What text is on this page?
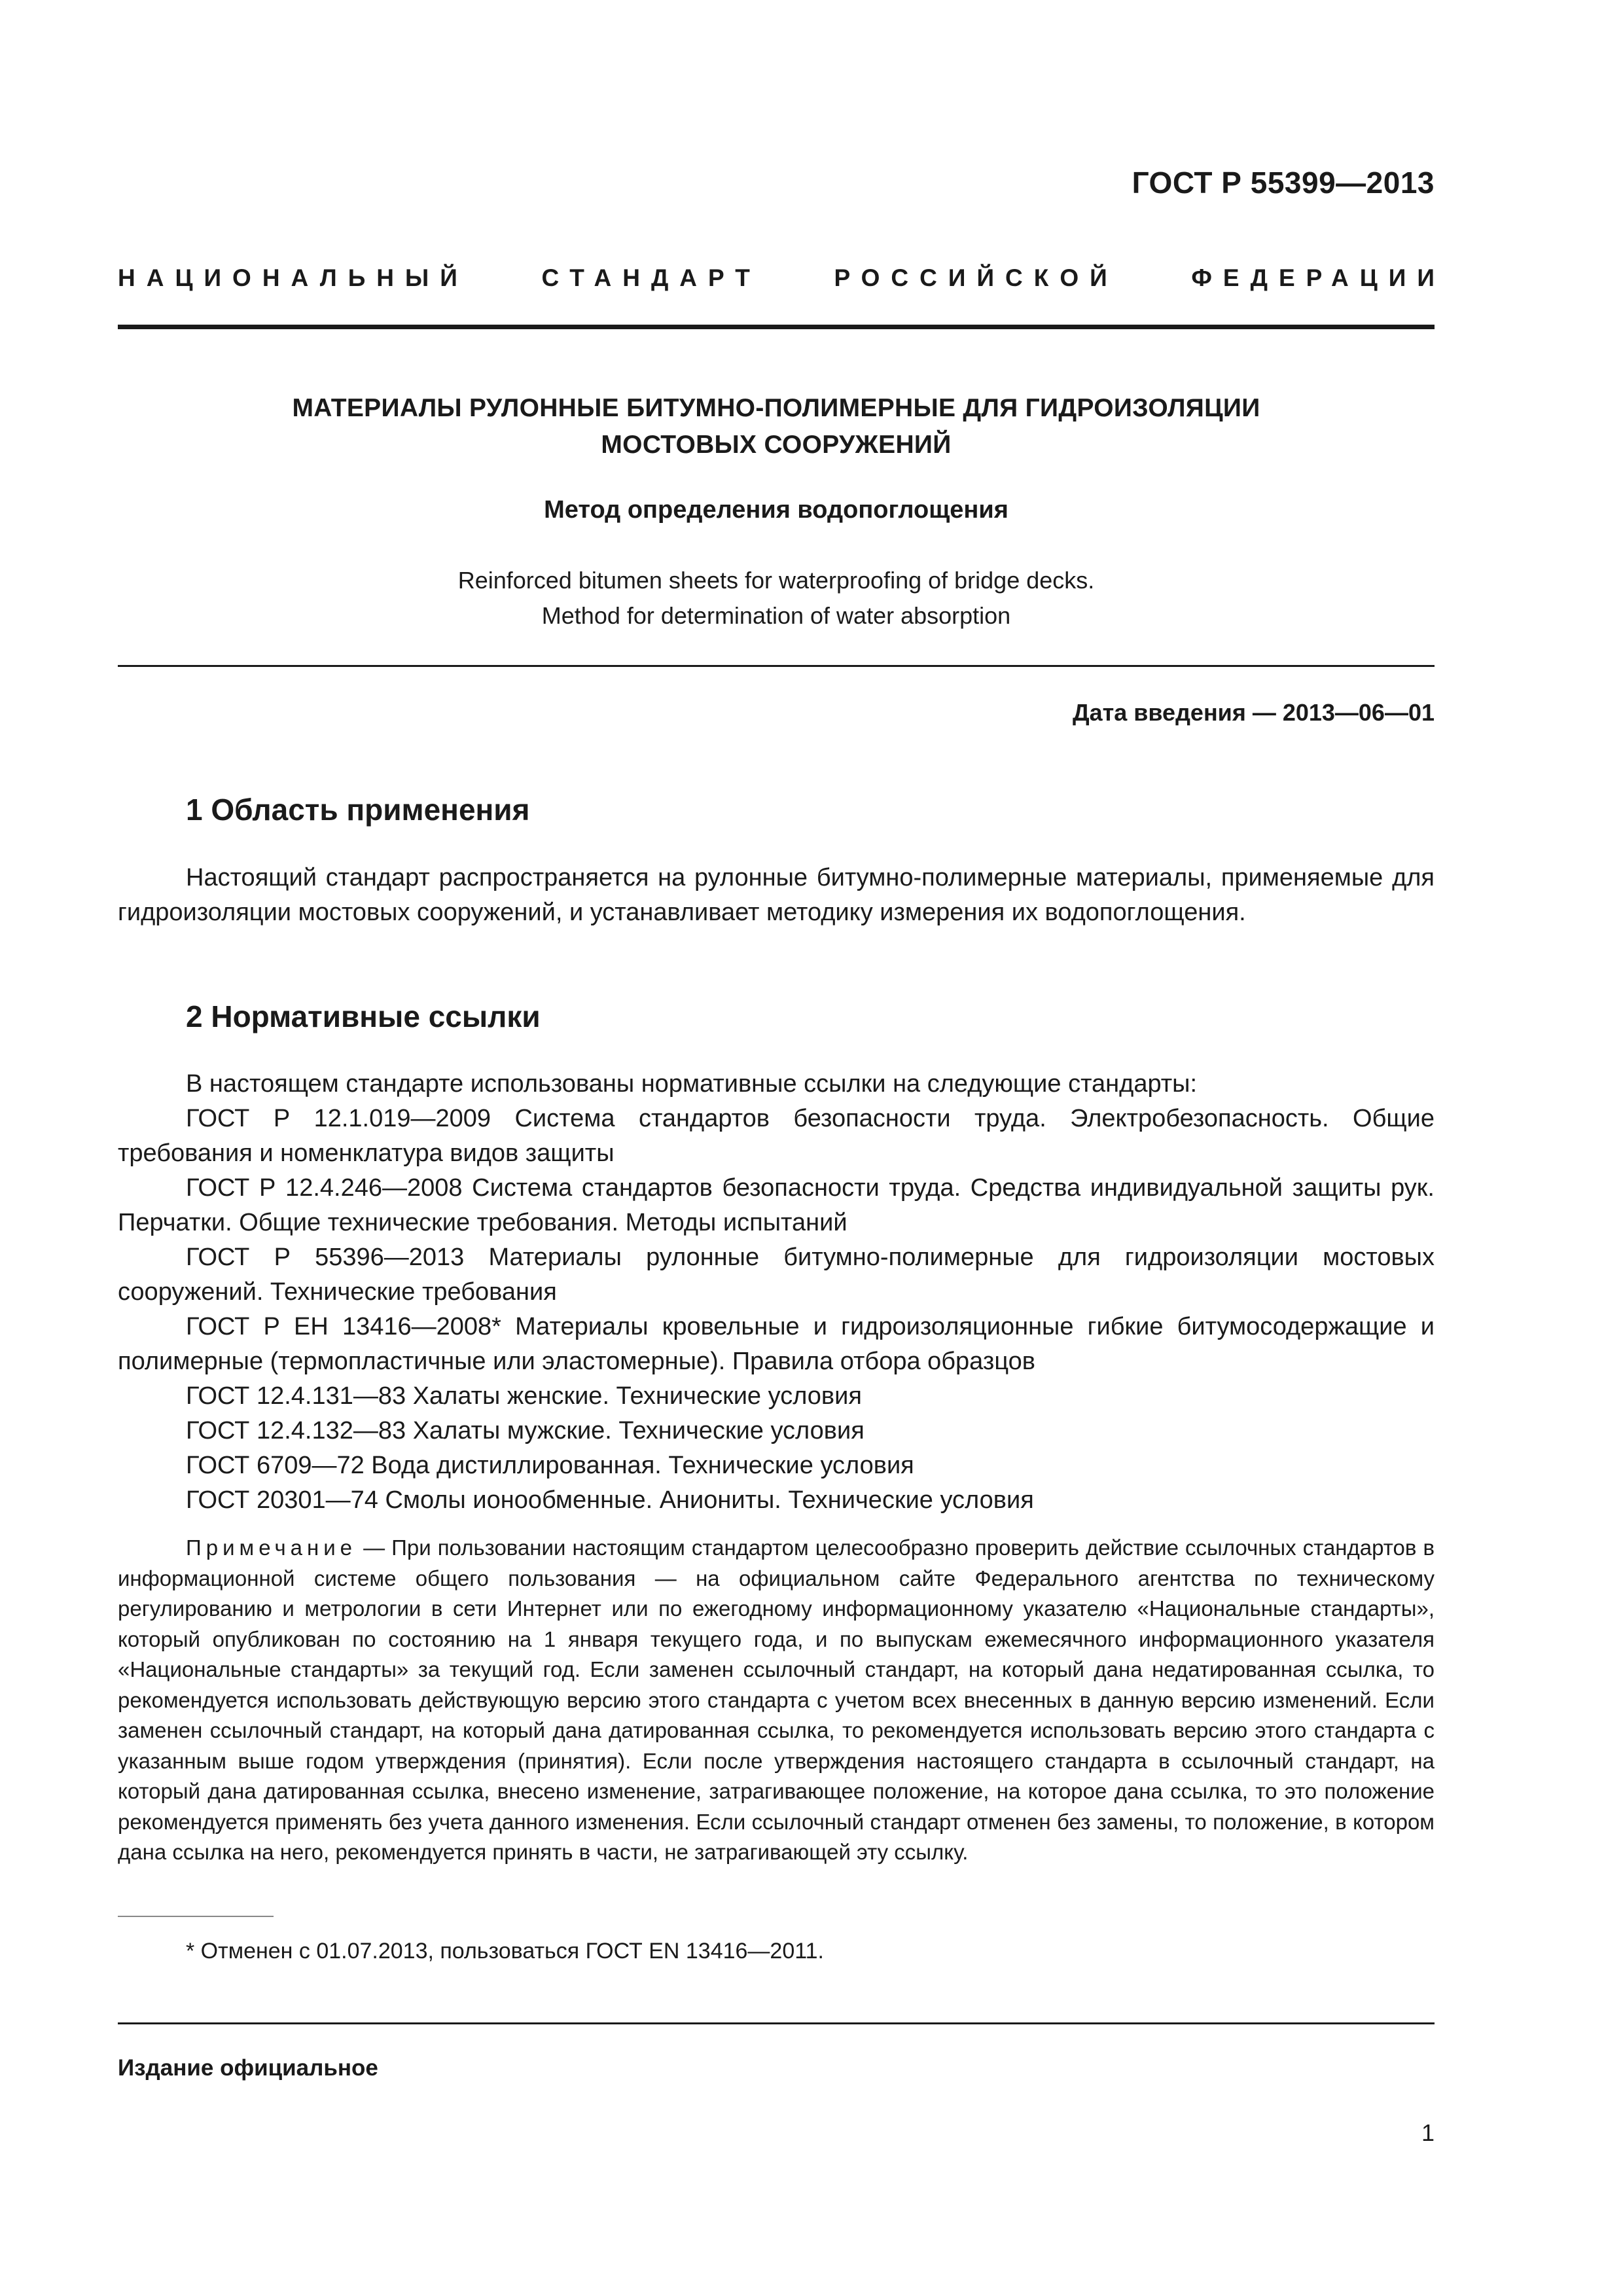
ГОСТ Р 55399—2013
НАЦИОНАЛЬНЫЙ	СТАНДАРТ	РОССИЙСКОЙ	ФЕДЕРАЦИИ
МАТЕРИАЛЫ РУЛОННЫЕ БИТУМНО-ПОЛИМЕРНЫЕ ДЛЯ ГИДРОИЗОЛЯЦИИ
МОСТОВЫХ СООРУЖЕНИЙ
Метод определения водопоглощения
Reinforced bitumen sheets for waterproofing of bridge decks.
Method for determination of water absorption
Дата введения — 2013—06—01
1 Область применения

Настоящий стандарт распространяется на рулонные битумно-полимерные материалы, применяемые для гидроизоляции мостовых сооружений, и устанавливает методику измерения их водопоглощения.

2 Нормативные ссылки

В настоящем стандарте использованы нормативные ссылки на следующие стандарты:

ГОСТ Р 12.1.019—2009 Система стандартов безопасности труда. Электробезопасность. Общие требования и номенклатура видов защиты

ГОСТ Р 12.4.246—2008 Система стандартов безопасности труда. Средства индивидуальной защиты рук. Перчатки. Общие технические требования. Методы испытаний

ГОСТ Р 55396—2013 Материалы рулонные битумно-полимерные для гидроизоляции мостовых сооружений. Технические требования

ГОСТ Р ЕН 13416—2008* Материалы кровельные и гидроизоляционные гибкие битумосодержащие и полимерные (термопластичные или эластомерные). Правила отбора образцов

ГОСТ 12.4.131—83 Халаты женские. Технические условия

ГОСТ 12.4.132—83 Халаты мужские. Технические условия

ГОСТ 6709—72 Вода дистиллированная. Технические условия

ГОСТ 20301—74 Смолы ионообменные. Аниониты. Технические условия

Примечание — При пользовании настоящим стандартом целесообразно проверить действие ссылочных стандартов в информационной системе общего пользования — на официальном сайте Федерального агентства по техническому регулированию и метрологии в сети Интернет или по ежегодному информационному указателю «Национальные стандарты», который опубликован по состоянию на 1 января текущего года, и по выпускам ежемесячного информационного указателя «Национальные стандарты» за текущий год. Если заменен ссылочный стандарт, на который дана недатированная ссылка, то рекомендуется использовать действующую версию этого стандарта с учетом всех внесенных в данную версию изменений. Если заменен ссылочный стандарт, на который дана датированная ссылка, то рекомендуется использовать версию этого стандарта с указанным выше годом утверждения (принятия). Если после утверждения настоящего стандарта в ссылочный стандарт, на который дана датированная ссылка, внесено изменение, затрагивающее положение, на которое дана ссылка, то это положение рекомендуется применять без учета данного изменения. Если ссылочный стандарт отменен без замены, то положение, в котором дана ссылка на него, рекомендуется принять в части, не затрагивающей эту ссылку.

* Отменен с 01.07.2013, пользоваться ГОСТ EN 13416—2011.
Издание официальное
1
